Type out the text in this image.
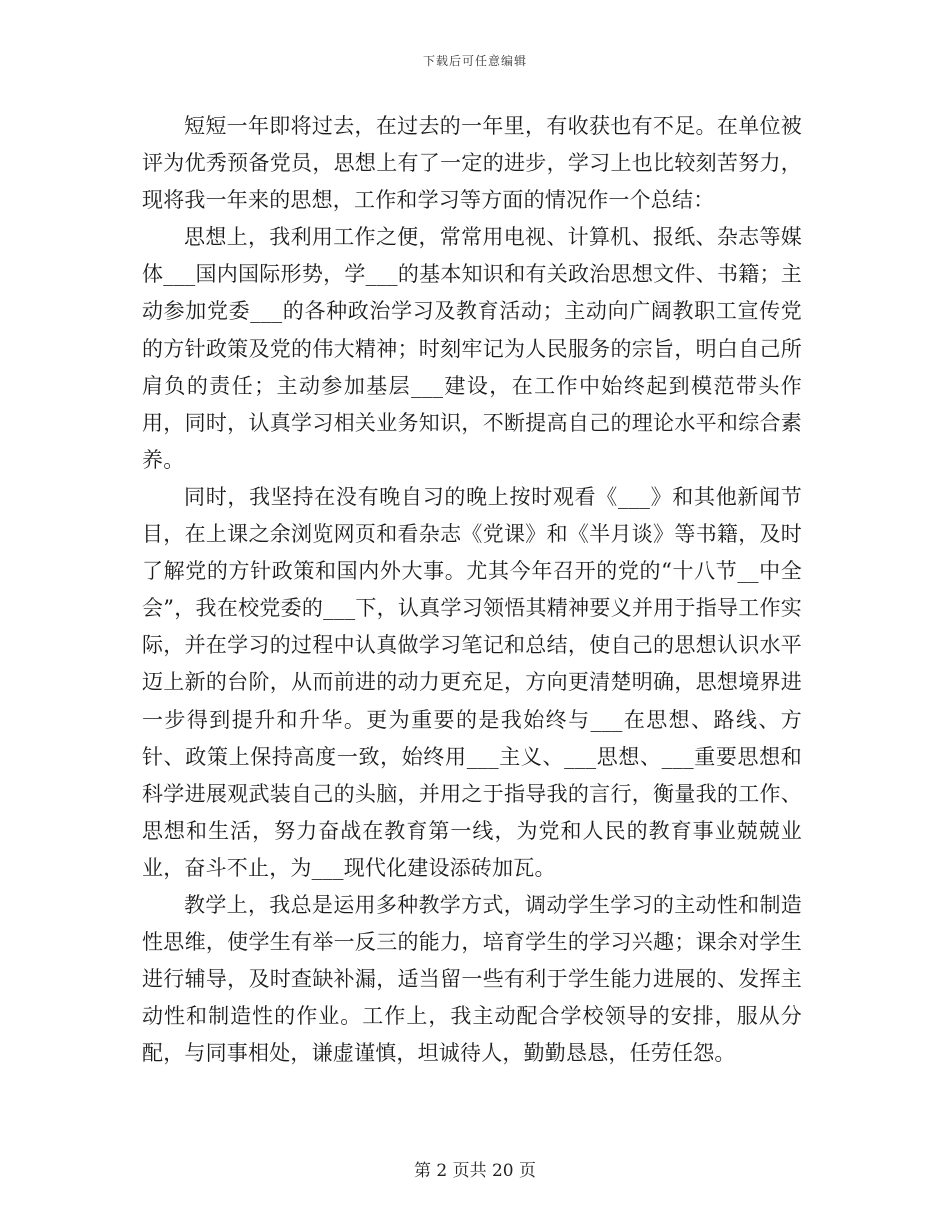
下载后可任意编辑

短短一年即将过去，在过去的一年里，有收获也有不足。在单位被评为优秀预备党员，思想上有了一定的进步，学习上也比较刻苦努力，现将我一年来的思想，工作和学习等方面的情况作一个总结：

思想上，我利用工作之便，常常用电视、计算机、报纸、杂志等媒体___国内国际形势，学___的基本知识和有关政治思想文件、书籍；主动参加党委___的各种政治学习及教育活动；主动向广阔教职工宣传党的方针政策及党的伟大精神；时刻牢记为人民服务的宗旨，明白自己所肩负的责任；主动参加基层___建设，在工作中始终起到模范带头作用，同时，认真学习相关业务知识，不断提高自己的理论水平和综合素养。

同时，我坚持在没有晚自习的晚上按时观看《___》和其他新闻节目，在上课之余浏览网页和看杂志《党课》和《半月谈》等书籍，及时了解党的方针政策和国内外大事。尤其今年召开的党的“十八节__中全会”，我在校党委的___下，认真学习领悟其精神要义并用于指导工作实际，并在学习的过程中认真做学习笔记和总结，使自己的思想认识水平迈上新的台阶，从而前进的动力更充足，方向更清楚明确，思想境界进一步得到提升和升华。更为重要的是我始终与___在思想、路线、方针、政策上保持高度一致，始终用___主义、___思想、___重要思想和科学进展观武装自己的头脑，并用之于指导我的言行，衡量我的工作、思想和生活，努力奋战在教育第一线，为党和人民的教育事业兢兢业业，奋斗不止，为___现代化建设添砖加瓦。

教学上，我总是运用多种教学方式，调动学生学习的主动性和制造性思维，使学生有举一反三的能力，培育学生的学习兴趣；课余对学生进行辅导，及时查缺补漏，适当留一些有利于学生能力进展的、发挥主动性和制造性的作业。工作上，我主动配合学校领导的安排，服从分配，与同事相处，谦虚谨慎，坦诚待人，勤勤恳恳，任劳任怨。

第 2 页共 20 页
